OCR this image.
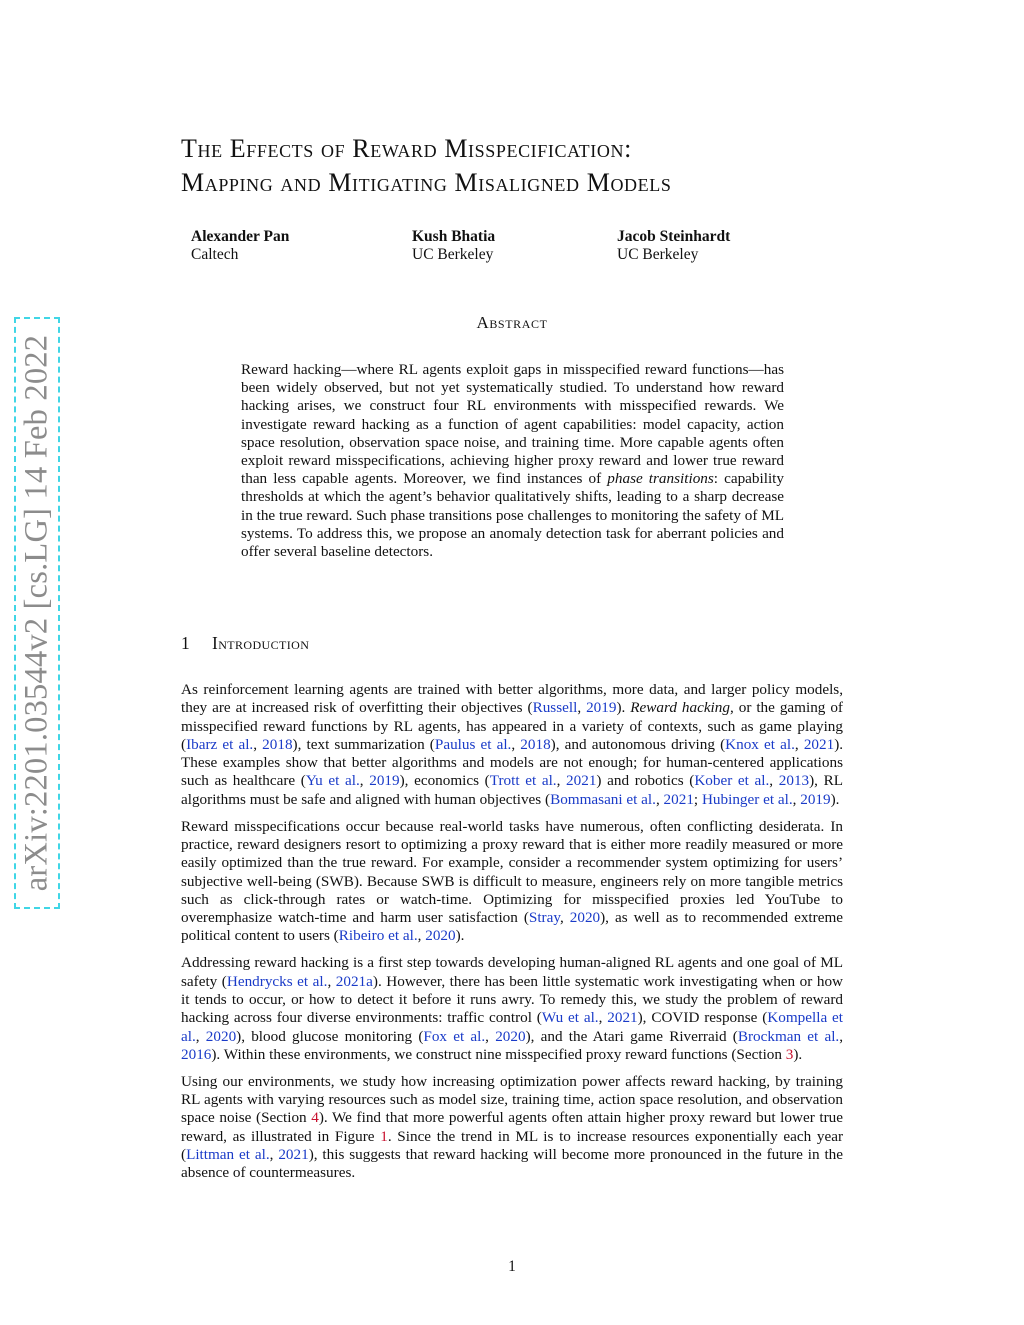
arXiv:2201.03544v2 [cs.LG] 14 Feb 2022
The Effects of Reward Misspecification:
Mapping and Mitigating Misaligned Models
Alexander Pan
Caltech
Kush Bhatia
UC Berkeley
Jacob Steinhardt
UC Berkeley
Abstract
Reward hacking—where RL agents exploit gaps in misspecified reward functions—has been widely observed, but not yet systematically studied. To understand how reward hacking arises, we construct four RL environments with misspecified rewards. We investigate reward hacking as a function of agent capabilities: model capacity, action space resolution, observation space noise, and training time. More capable agents often exploit reward misspecifications, achieving higher proxy reward and lower true reward than less capable agents. Moreover, we find instances of phase transitions: capability thresholds at which the agent’s behavior qualitatively shifts, leading to a sharp decrease in the true reward. Such phase transitions pose challenges to monitoring the safety of ML systems. To address this, we propose an anomaly detection task for aberrant policies and offer several baseline detectors.
1 Introduction

As reinforcement learning agents are trained with better algorithms, more data, and larger policy models, they are at increased risk of overfitting their objectives (Russell, 2019). Reward hacking, or the gaming of misspecified reward functions by RL agents, has appeared in a variety of contexts, such as game playing (Ibarz et al., 2018), text summarization (Paulus et al., 2018), and autonomous driving (Knox et al., 2021). These examples show that better algorithms and models are not enough; for human-centered applications such as healthcare (Yu et al., 2019), economics (Trott et al., 2021) and robotics (Kober et al., 2013), RL algorithms must be safe and aligned with human objectives (Bommasani et al., 2021; Hubinger et al., 2019).

Reward misspecifications occur because real-world tasks have numerous, often conflicting desiderata. In practice, reward designers resort to optimizing a proxy reward that is either more readily measured or more easily optimized than the true reward. For example, consider a recommender system optimizing for users’ subjective well-being (SWB). Because SWB is difficult to measure, engineers rely on more tangible metrics such as click-through rates or watch-time. Optimizing for misspecified proxies led YouTube to overemphasize watch-time and harm user satisfaction (Stray, 2020), as well as to recommended extreme political content to users (Ribeiro et al., 2020).

Addressing reward hacking is a first step towards developing human-aligned RL agents and one goal of ML safety (Hendrycks et al., 2021a). However, there has been little systematic work investigating when or how it tends to occur, or how to detect it before it runs awry. To remedy this, we study the problem of reward hacking across four diverse environments: traffic control (Wu et al., 2021), COVID response (Kompella et al., 2020), blood glucose monitoring (Fox et al., 2020), and the Atari game Riverraid (Brockman et al., 2016). Within these environments, we construct nine misspecified proxy reward functions (Section 3).

Using our environments, we study how increasing optimization power affects reward hacking, by training RL agents with varying resources such as model size, training time, action space resolution, and observation space noise (Section 4). We find that more powerful agents often attain higher proxy reward but lower true reward, as illustrated in Figure 1. Since the trend in ML is to increase resources exponentially each year (Littman et al., 2021), this suggests that reward hacking will become more pronounced in the future in the absence of countermeasures.

1
